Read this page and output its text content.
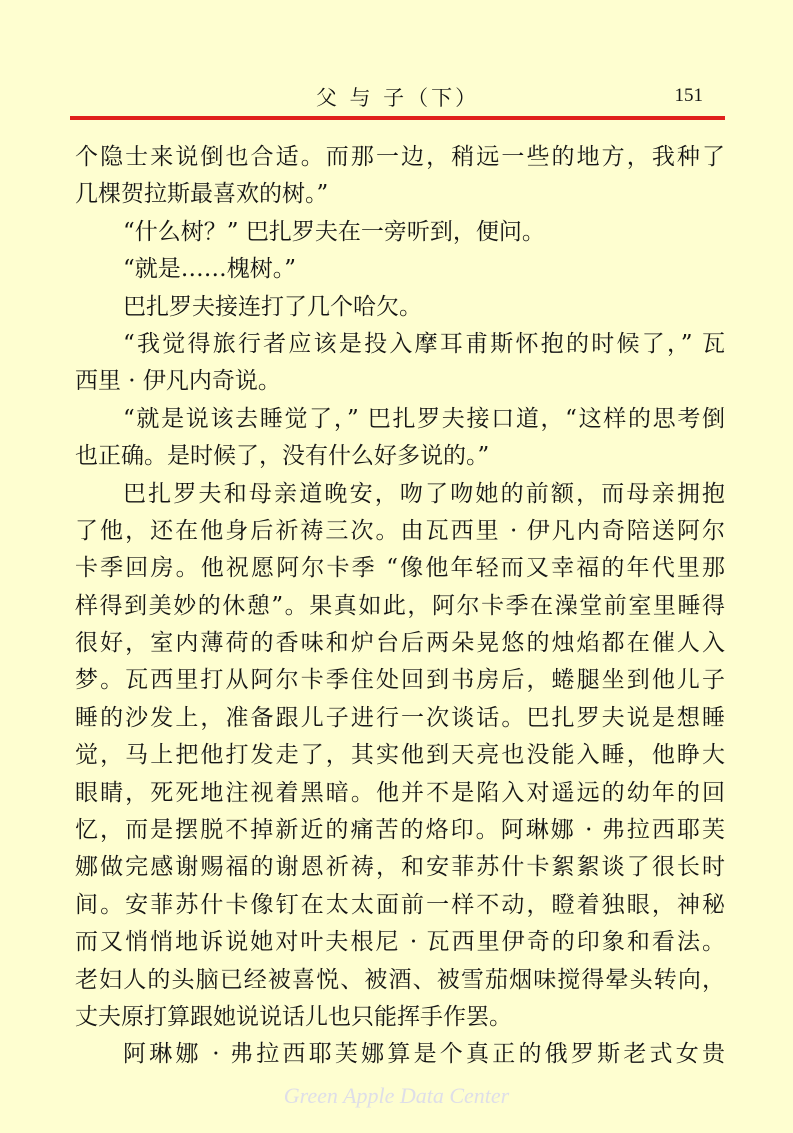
父 与 子（下）	151
个隐士来说倒也合适。而那一边，稍远一些的地方，我种了
几棵贺拉斯最喜欢的树。”
“什么树？” 巴扎罗夫在一旁听到，便问。
“就是……槐树。”
巴扎罗夫接连打了几个哈欠。
“我觉得旅行者应该是投入摩耳甫斯怀抱的时候了，” 瓦
西里 · 伊凡内奇说。
“就是说该去睡觉了，” 巴扎罗夫接口道，“这样的思考倒
也正确。是时候了，没有什么好多说的。”
巴扎罗夫和母亲道晚安，吻了吻她的前额，而母亲拥抱
了他，还在他身后祈祷三次。由瓦西里 · 伊凡内奇陪送阿尔
卡季回房。他祝愿阿尔卡季 “像他年轻而又幸福的年代里那
样得到美妙的休憩”。果真如此，阿尔卡季在澡堂前室里睡得
很好，室内薄荷的香味和炉台后两朵晃悠的烛焰都在催人入
梦。瓦西里打从阿尔卡季住处回到书房后，蜷腿坐到他儿子
睡的沙发上，准备跟儿子进行一次谈话。巴扎罗夫说是想睡
觉，马上把他打发走了，其实他到天亮也没能入睡，他睁大
眼睛，死死地注视着黑暗。他并不是陷入对遥远的幼年的回
忆，而是摆脱不掉新近的痛苦的烙印。阿琳娜 · 弗拉西耶芙
娜做完感谢赐福的谢恩祈祷，和安菲苏什卡絮絮谈了很长时
间。安菲苏什卡像钉在太太面前一样不动，瞪着独眼，神秘
而又悄悄地诉说她对叶夫根尼 · 瓦西里伊奇的印象和看法。
老妇人的头脑已经被喜悦、被酒、被雪茄烟味搅得晕头转向，
丈夫原打算跟她说说话儿也只能挥手作罢。
阿琳娜 · 弗拉西耶芙娜算是个真正的俄罗斯老式女贵
Green Apple Data Center
